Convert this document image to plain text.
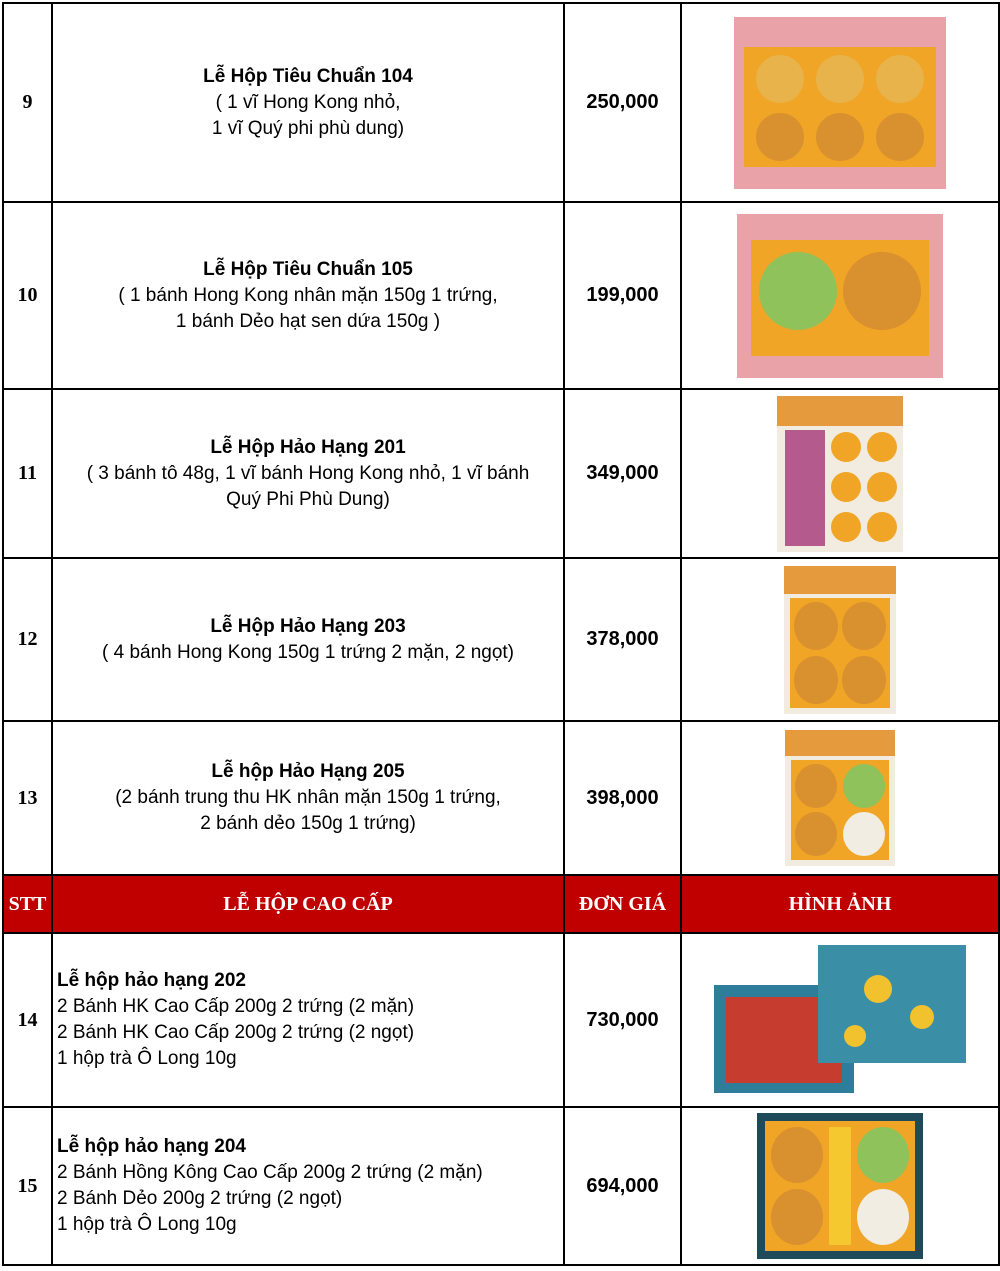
9	Lễ Hộp Tiêu Chuẩn 104
( 1 vĩ Hong Kong nhỏ,
1 vĩ Quý phi phù dung)	250,000	

10	Lễ Hộp Tiêu Chuẩn 105
( 1 bánh Hong Kong nhân mặn 150g 1 trứng,
1 bánh Dẻo hạt sen dứa 150g )	199,000	

11	Lễ Hộp Hảo Hạng 201
( 3 bánh tô 48g, 1 vĩ bánh Hong Kong nhỏ, 1 vĩ bánh
Quý Phi Phù Dung)	349,000	

12	Lễ Hộp Hảo Hạng 203
( 4 bánh Hong Kong 150g 1 trứng 2 mặn, 2 ngọt)	378,000	

13	Lễ hộp Hảo Hạng 205
(2 bánh trung thu HK nhân mặn 150g 1 trứng,
2 bánh dẻo 150g 1 trứng)	398,000	

STT	LỄ HỘP CAO CẤP	ĐƠN GIÁ	HÌNH ẢNH
14	Lễ hộp hảo hạng 202
2 Bánh HK Cao Cấp 200g 2 trứng (2 mặn)
2 Bánh HK Cao Cấp 200g 2 trứng (2 ngọt)
1 hộp trà Ô Long 10g	730,000	

15	Lễ hộp hảo hạng 204
2 Bánh Hồng Kông Cao Cấp 200g 2 trứng (2 mặn)
2 Bánh Dẻo 200g 2 trứng (2 ngọt)
1 hộp trà Ô Long 10g	694,000	
